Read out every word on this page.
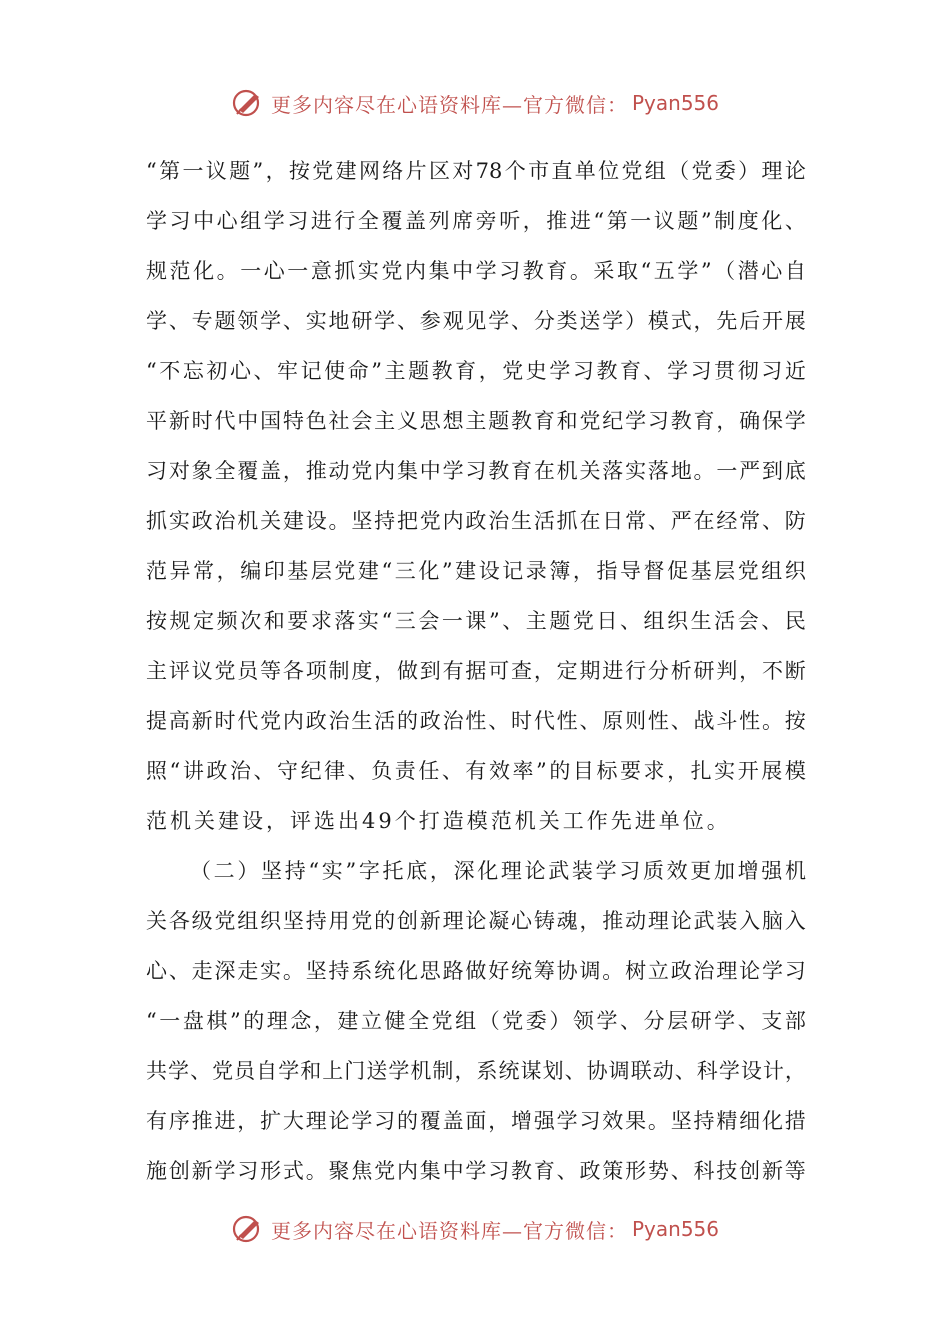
更多内容尽在心语资料库—官方微信： Pyan556
“ 第 一 议 题 ” ， 按 党 建 网 络 片 区 对 78 个 市 直 单 位 党 组 （ 党 委 ） 理 论
学 习 中 心 组 学 习 进 行 全 覆 盖 列 席 旁 听 ， 推 进 “ 第 一 议 题 ” 制 度 化 、
规 范 化 。 一 心 一 意 抓 实 党 内 集 中 学 习 教 育 。 采 取 “ 五 学 ” （ 潜 心 自
学 、 专 题 领 学 、 实 地 研 学 、 参 观 见 学 、 分 类 送 学 ） 模 式 ， 先 后 开 展
“ 不 忘 初 心 、 牢 记 使 命 ” 主 题 教 育 ， 党 史 学 习 教 育 、 学 习 贯 彻 习 近
平 新 时 代 中 国 特 色 社 会 主 义 思 想 主 题 教 育 和 党 纪 学 习 教 育 ， 确 保 学
习 对 象 全 覆 盖 ， 推 动 党 内 集 中 学 习 教 育 在 机 关 落 实 落 地 。 一 严 到 底
抓 实 政 治 机 关 建 设 。 坚 持 把 党 内 政 治 生 活 抓 在 日 常 、 严 在 经 常 、 防
范 异 常 ， 编 印 基 层 党 建 “ 三 化 ” 建 设 记 录 簿 ， 指 导 督 促 基 层 党 组 织
按 规 定 频 次 和 要 求 落 实 “ 三 会 一 课 ” 、 主 题 党 日 、 组 织 生 活 会 、 民
主 评 议 党 员 等 各 项 制 度 ， 做 到 有 据 可 查 ， 定 期 进 行 分 析 研 判 ， 不 断
提 高 新 时 代 党 内 政 治 生 活 的 政 治 性 、 时 代 性 、 原 则 性 、 战 斗 性 。 按
照 “ 讲 政 治 、 守 纪 律 、 负 责 任 、 有 效 率 ” 的 目 标 要 求 ， 扎 实 开 展 模
范机关建设，评选出49个打造模范机关工作先进单位。
（ 二 ） 坚 持 “ 实 ” 字 托 底 ， 深 化 理 论 武 装 学 习 质 效 更 加 增 强 机
关 各 级 党 组 织 坚 持 用 党 的 创 新 理 论 凝 心 铸 魂 ， 推 动 理 论 武 装 入 脑 入
心 、 走 深 走 实 。 坚 持 系 统 化 思 路 做 好 统 筹 协 调 。 树 立 政 治 理 论 学 习
“ 一 盘 棋 ” 的 理 念 ， 建 立 健 全 党 组 （ 党 委 ） 领 学 、 分 层 研 学 、 支 部
共 学 、 党 员 自 学 和 上 门 送 学 机 制 ， 系 统 谋 划 、 协 调 联 动 、 科 学 设 计 ，
有 序 推 进 ， 扩 大 理 论 学 习 的 覆 盖 面 ， 增 强 学 习 效 果 。 坚 持 精 细 化 措
施 创 新 学 习 形 式 。 聚 焦 党 内 集 中 学 习 教 育 、 政 策 形 势 、 科 技 创 新 等
更多内容尽在心语资料库—官方微信： Pyan556
